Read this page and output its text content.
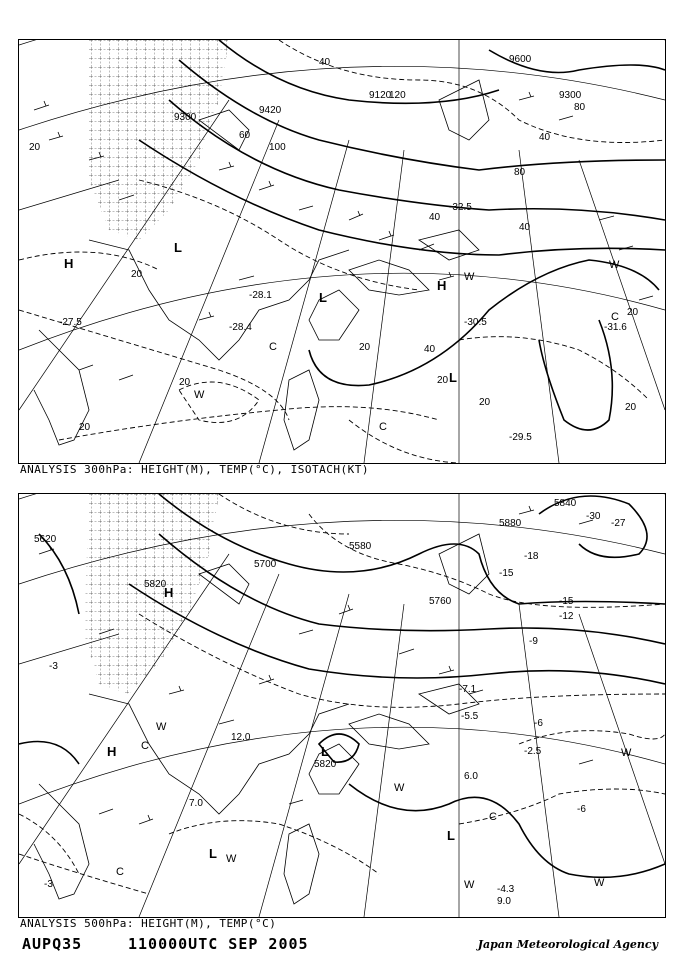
9300
9420
9600
9120	9300
20
20
20
20
20
20
20	20
20
40
40
40
40
40
60
80
80
100
120
-27.5	-30.5
-29.5
-28.1
-32.5
-31.6
-28.4
H
H
L
L
L
C
C
C
W
W
W
ANALYSIS 300hPa: HEIGHT(M), TEMP(°C), ISOTACH(KT)
5620
5700
5820
5580
5820
5880
5840
5760
-3
-3
-9
-15
-15
-18
-27
-30
-12
-6
-6
-5.5
-4.3
6.0
7.0
9.0
12.0
-7.1
-2.5
H
H
L
L
L
C
C
C
W
W
W	W
W
W
ANALYSIS 500hPa: HEIGHT(M), TEMP(°C)
AUPQ35	110000UTC SEP 2005	Japan Meteorological Agency
